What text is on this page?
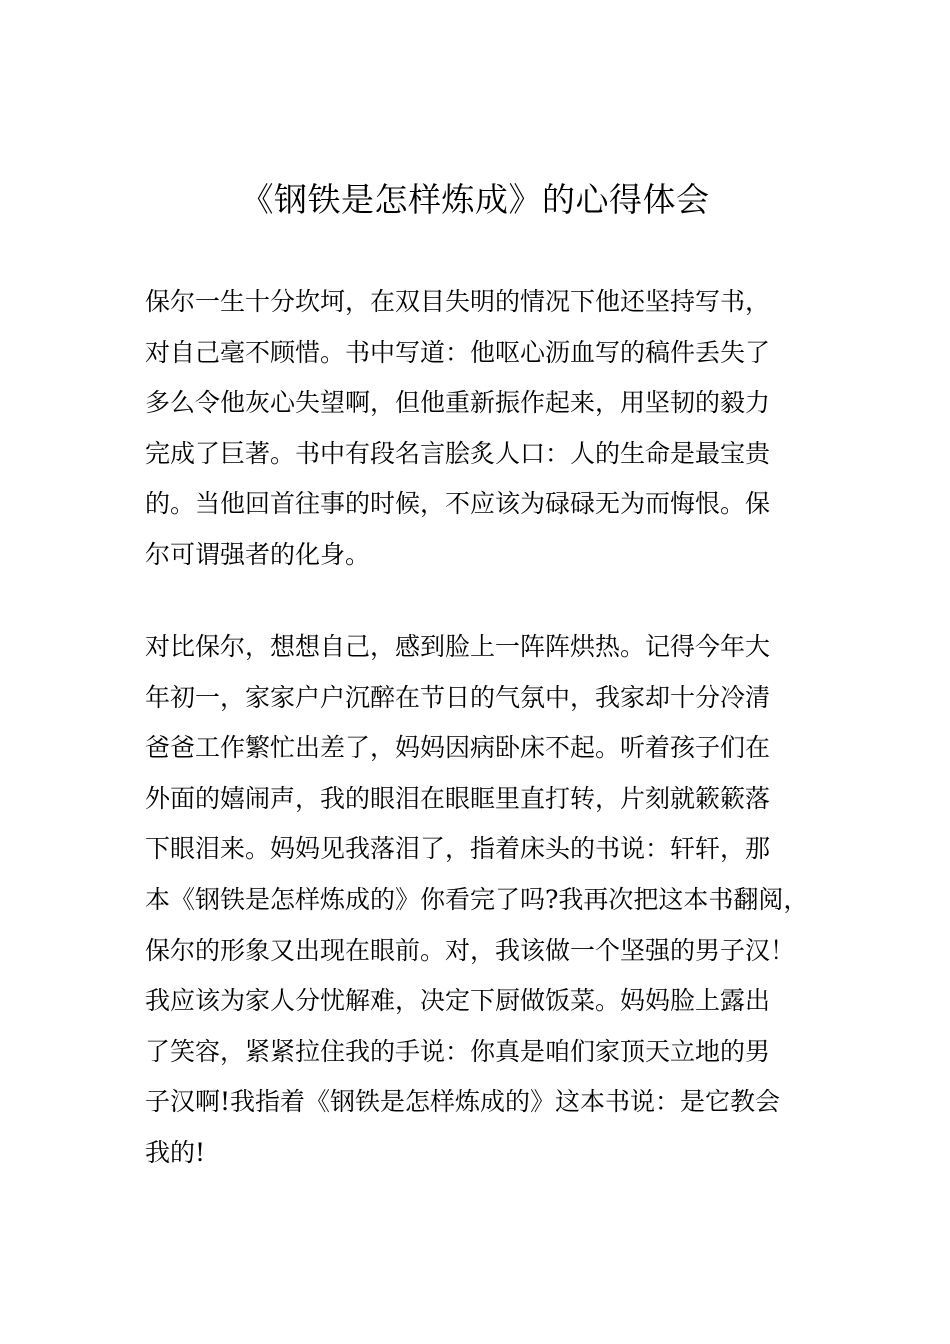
《钢铁是怎样炼成》的心得体会
保尔一生十分坎坷，在双目失明的情况下他还坚持写书，
对自己毫不顾惜。书中写道：他呕心沥血写的稿件丢失了
多么令他灰心失望啊，但他重新振作起来，用坚韧的毅力
完成了巨著。书中有段名言脍炙人口：人的生命是最宝贵
的。当他回首往事的时候，不应该为碌碌无为而悔恨。保
尔可谓强者的化身。
对比保尔，想想自己，感到脸上一阵阵烘热。记得今年大
年初一，家家户户沉醉在节日的气氛中，我家却十分冷清
爸爸工作繁忙出差了，妈妈因病卧床不起。听着孩子们在
外面的嬉闹声，我的眼泪在眼眶里直打转，片刻就簌簌落
下眼泪来。妈妈见我落泪了，指着床头的书说：轩轩，那
本《钢铁是怎样炼成的》你看完了吗?我再次把这本书翻阅，
保尔的形象又出现在眼前。对，我该做一个坚强的男子汉！
我应该为家人分忧解难，决定下厨做饭菜。妈妈脸上露出
了笑容，紧紧拉住我的手说：你真是咱们家顶天立地的男
子汉啊!我指着《钢铁是怎样炼成的》这本书说：是它教会
我的!
